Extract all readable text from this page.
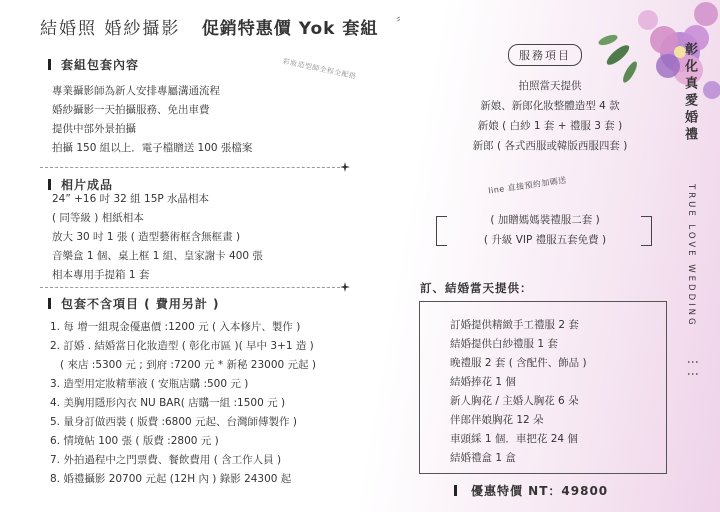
結婚照 婚紗攝影 促銷特惠價 Yok 套組 〞
套組包套內容	彩妝造型師全程全配搭
專業攝影師為新人安排專屬溝通流程
婚紗攝影一天拍攝服務、免出車費
提供中部外景拍攝
拍攝 150 組以上．電子檔贈送 100 張檔案
相片成品
24” +16 吋 32 組 15P 水晶相本
( 同等級 ) 相紙相本
放大 30 吋 1 張 ( 造型藝術框含無框畫 )
音樂盒 1 個、桌上框 1 組、皇家謝卡 400 張
相本專用手提箱 1 套
包套不含項目 ( 費用另計 )
1. 每 增一組現金優惠價 :1200 元 ( 入本修片、製作 )
2. 訂婚 . 結婚當日化妝造型 ( 彰化市區 )( 早中 3+1 造 )
( 來店 :5300 元 ; 到府 :7200 元 * 新秘 23000 元起 )
3. 造型用定妝精華液 ( 安瓶店購 :500 元 )
4. 美胸用隱形內衣 NU BAR( 店購一組 :1500 元 )
5. 量身訂做西裝 ( 版費 :6800 元起、台灣師傅製作 )
6. 情境帖 100 張 ( 版費 :2800 元 )
7. 外拍過程中之門票費、餐飲費用 ( 含工作人員 )
8. 婚禮攝影 20700 元起 (12H 內 ) 錄影 24300 起
服務項目
拍照當天提供
新娘、新郎化妝整體造型 4 款
新娘 ( 白紗 1 套 + 禮服 3 套 )
新郎 ( 各式西服或韓版西服四套 )
line 直接預約加碼送
( 加贈媽媽裝禮服二套 )
( 升級 VIP 禮服五套免費 )
訂、結婚當天提供：
訂婚提供精緻手工禮服 2 套
結婚提供白紗禮服 1 套
晚禮服 2 套 ( 含配件、飾品 )
結婚捧花 1 個
新人胸花 / 主婚人胸花 6 朵
伴郎伴娘胸花 12 朵
車頭綵 1 個．車把花 24 個
結婚禮盒 1 盒
優惠特價 NT：49800
彰化真愛婚禮
TRUE LOVE WEDDING
⋮⋮
